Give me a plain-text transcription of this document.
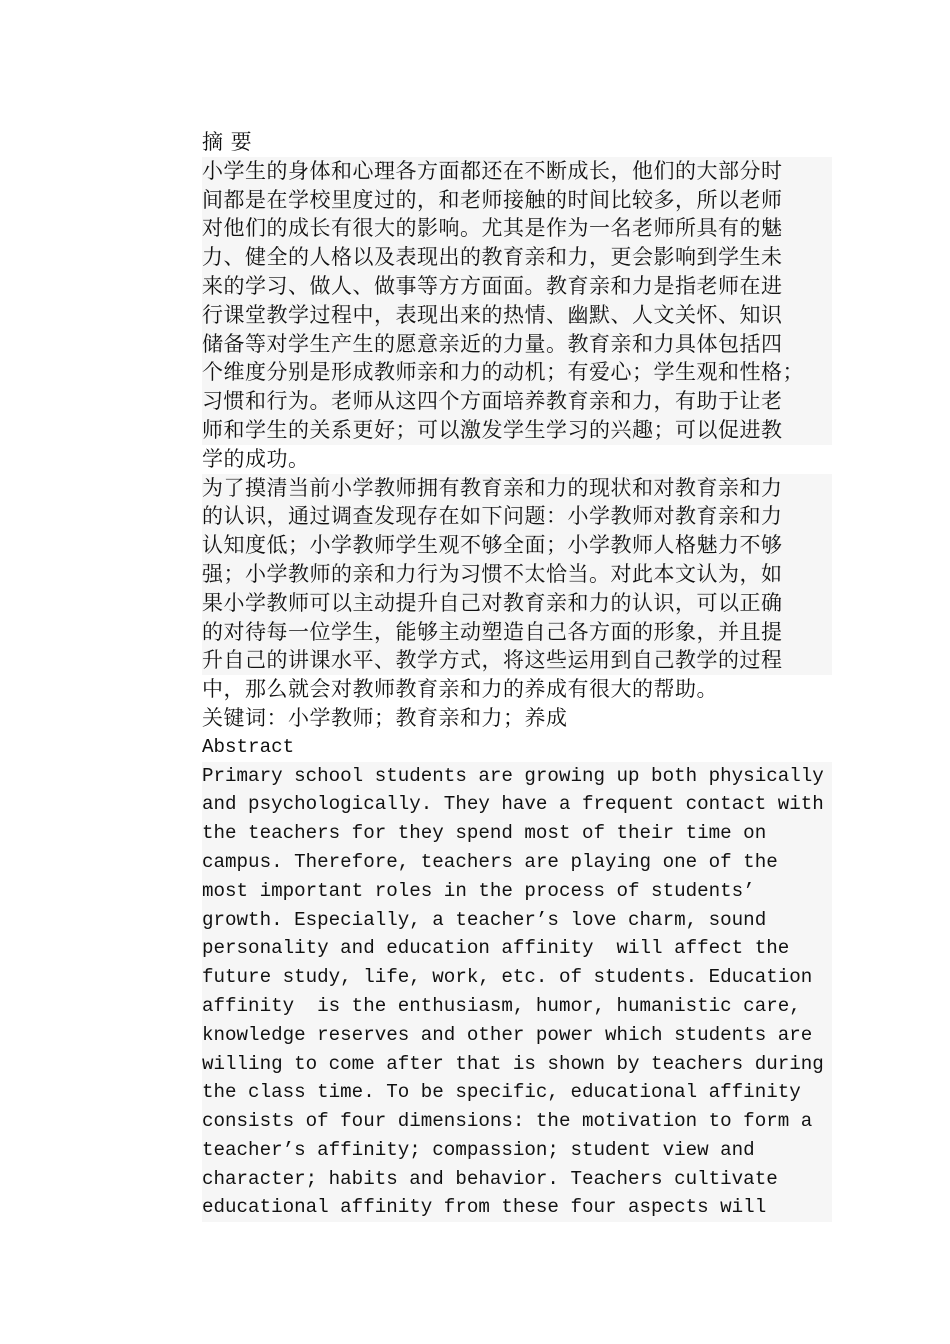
摘 要
小学生的身体和心理各方面都还在不断成长，他们的大部分时
间都是在学校里度过的，和老师接触的时间比较多，所以老师
对他们的成长有很大的影响。尤其是作为一名老师所具有的魅
力、健全的人格以及表现出的教育亲和力，更会影响到学生未
来的学习、做人、做事等方方面面。教育亲和力是指老师在进
行课堂教学过程中，表现出来的热情、幽默、人文关怀、知识
储备等对学生产生的愿意亲近的力量。教育亲和力具体包括四
个维度分别是形成教师亲和力的动机；有爱心；学生观和性格；
习惯和行为。老师从这四个方面培养教育亲和力，有助于让老
师和学生的关系更好；可以激发学生学习的兴趣；可以促进教
学的成功。
为了摸清当前小学教师拥有教育亲和力的现状和对教育亲和力
的认识，通过调查发现存在如下问题：小学教师对教育亲和力
认知度低；小学教师学生观不够全面；小学教师人格魅力不够
强；小学教师的亲和力行为习惯不太恰当。对此本文认为，如
果小学教师可以主动提升自己对教育亲和力的认识，可以正确
的对待每一位学生，能够主动塑造自己各方面的形象，并且提
升自己的讲课水平、教学方式，将这些运用到自己教学的过程
中，那么就会对教师教育亲和力的养成有很大的帮助。
关键词：小学教师；教育亲和力；养成
Abstract
Primary school students are growing up both physically
and psychologically. They have a frequent contact with
the teachers for they spend most of their time on
campus. Therefore, teachers are playing one of the
most important roles in the process of students’
growth. Especially, a teacher’s love charm, sound
personality and education affinity  will affect the
future study, life, work, etc. of students. Education
affinity  is the enthusiasm, humor, humanistic care,
knowledge reserves and other power which students are
willing to come after that is shown by teachers during
the class time. To be specific, educational affinity
consists of four dimensions: the motivation to form a
teacher’s affinity; compassion; student view and
character; habits and behavior. Teachers cultivate
educational affinity from these four aspects will
